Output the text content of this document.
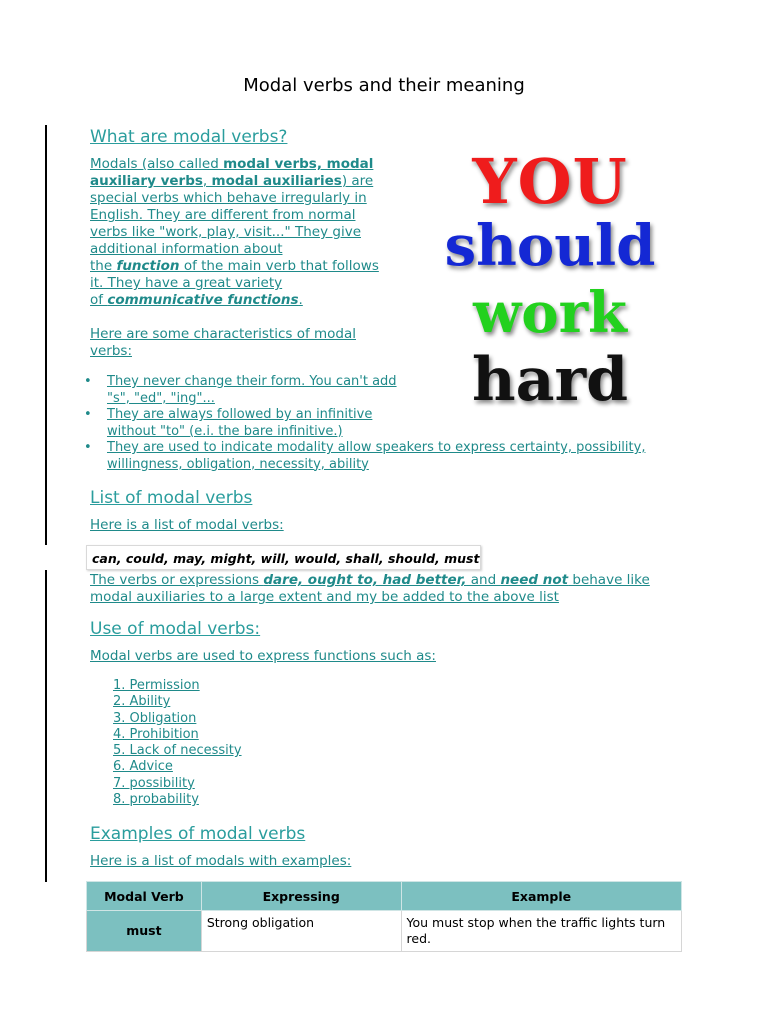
Modal verbs and their meaning
What are modal verbs?
Modals (also called modal verbs, modal
auxiliary verbs, modal auxiliaries) are
special verbs which behave irregularly in
English. They are different from normal
verbs like "work, play, visit..." They give
additional information about
the function of the main verb that follows
it. They have a great variety
of communicative functions.
Here are some characteristics of modal
verbs:
• They never change their form. You can't add
"s", "ed", "ing"...
• They are always followed by an infinitive
without "to" (e.i. the bare infinitive.)
• They are used to indicate modality allow speakers to express certainty, possibility,
willingness, obligation, necessity, ability
YOU
should
work
hard
List of modal verbs
Here is a list of modal verbs:
can, could, may, might, will, would, shall, should, must
The verbs or expressions dare, ought to, had better, and need not behave like
modal auxiliaries to a large extent and my be added to the above list
Use of modal verbs:
Modal verbs are used to express functions such as:
1. Permission
2. Ability
3. Obligation
4. Prohibition
5. Lack of necessity
6. Advice
7. possibility
8. probability
Examples of modal verbs
Here is a list of modals with examples:
Modal Verb	Expressing	Example
must	Strong obligation	You must stop when the traffic lights turn red.
